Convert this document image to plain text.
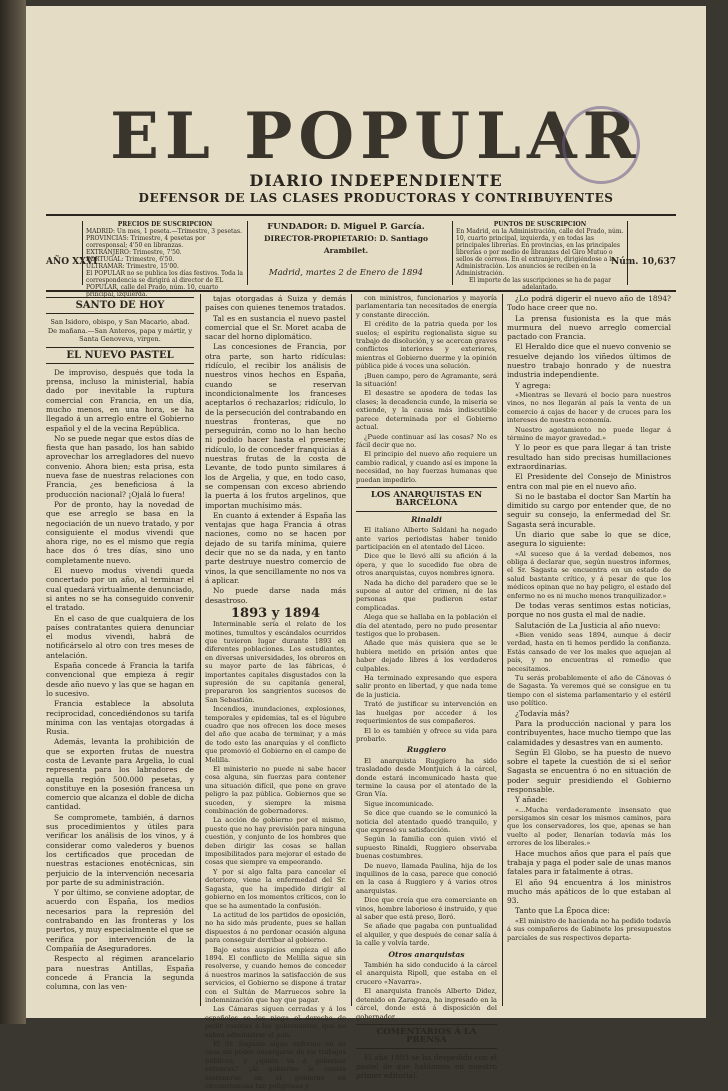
EL POPULAR
DIARIO INDEPENDIENTE
DEFENSOR DE LAS CLASES PRODUCTORAS Y CONTRIBUYENTES
AÑO XXVI
PRECIOS DE SUSCRIPCION
MADRID: Un mes, 1 peseta.—Trimestre, 3 pesetas.
PROVINCIAS: Trimestre, 4 pesetas por corresponsal; 4'50 en libranzas.
EXTRANJERO: Trimestre, 7'50.
PORTUGAL: Trimestre, 6'50.
ULTRAMAR: Trimestre, 15'00.
El POPULAR no se publica los días festivos. Toda la correspondencia se dirigirá al director de EL POPULAR, calle del Prado, núm. 10, cuarto principal, izquierda.
FUNDADOR: D. Miguel P. García.
DIRECTOR-PROPIETARIO: D. Santiago Arambilet.
Madrid, martes 2 de Enero de 1894
PUNTOS DE SUSCRIPCION
En Madrid, en la Administración, calle del Prado, núm. 10, cuarto principal, izquierda, y en todas las principales librerías. En provincias, en las principales librerías o por medio de libranzas del Giro Mutuo o sellos de correos. En el extranjero, dirigiéndose a la Administración. Los anuncios se reciben en la Administración.
El importe de las suscripciones se ha de pagar adelantado.
Núm. 10,637
SANTO DE HOY
San Isidoro, obispo, y San Macario, abad. De mañana.—San Anteros, papa y mártir, y Santa Genoveva, virgen.
EL NUEVO PASTEL

De improviso, después que toda la prensa, incluso la ministerial, había dado por inevitable la ruptura comercial con Francia, en un día, mucho menos, en una hora, se ha llegado á un arreglo entre el Gobierno español y el de la vecina República.

No se puede negar que estos días de fiesta que han pasado, los han sabido aprovechar los arregladores del nuevo convenio. Ahora bien; esta prisa, esta nueva fase de nuestras relaciones con Francia, ¿es beneficiosa á la producción nacional? ¡Ojalá lo fuera!

Por de pronto, hay la novedad de que ese arreglo se basa en la negociación de un nuevo tratado, y por consiguiente el modus vivendi que ahora rige, no es el mismo que regía hace dos ó tres días, sino uno completamente nuevo.

El nuevo modus vivendi queda concertado por un año, al terminar el cual quedará virtualmente denunciado, si antes no se ha conseguido convenir el tratado.

En el caso de que cualquiera de los países contratantes quiera denunciar el modus vivendi, habrá de notificárselo al otro con tres meses de antelación.

España concede á Francia la tarifa convencional que empieza á regir desde año nuevo y las que se hagan en lo sucesivo.

Francia establece la absoluta reciprocidad, concediéndonos su tarifa mínima con las ventajas otorgadas á Rusia.

Además, levanta la prohibición de que se exporten frutas de nuestra costa de Levante para Argelia, lo cual representa para los labradores de aquella región 500.000 pesetas, y constituye en la posesión francesa un comercio que alcanza el doble de dicha cantidad.

Se compromete, también, á darnos sus procedimientos y útiles para verificar los análisis de los vinos, y á considerar como valederos y buenos los certificados que procedan de nuestras estaciones enotécnicas, sin perjuicio de la intervención necesaria por parte de su administración.

Y por último, se conviene adoptar, de acuerdo con España, los medios necesarios para la represión del contrabando en las fronteras y los puertos, y muy especialmente el que se verifica por intervención de la Compañía de Aseguradores.

Respecto al régimen arancelario para nuestras Antillas, España concede á Francia la segunda columna, con las ven-

tajas otorgadas á Suiza y demás países con quienes tenemos tratados.

Tal es en sustancia el nuevo pastel comercial que el Sr. Moret acaba de sacar del horno diplomático.

Las concesiones de Francia, por otra parte, son harto ridículas: ridículo, el recibir los análisis de nuestros vinos hechos en España, cuando se reservan incondicionalmente los franceses aceptarlos ó rechazarlos; ridículo, lo de la persecución del contrabando en nuestras fronteras, que no perseguirán, como no lo han hecho ni podido hacer hasta el presente; ridículo, lo de conceder franquicias á nuestras frutas de la costa de Levante, de todo punto similares á los de Argelia, y que, en todo caso, se compensan con exceso abriendo la puerta á los frutos argelinos, que importan muchísimo más.

En cuanto á extender á España las ventajas que haga Francia á otras naciones, como no se hacen por dejado de su tarifa mínima, quiere decir que no se da nada, y en tanto parte destruye nuestro comercio de vinos, la que sencillamente no nos va á aplicar.

No puede darse nada más desastroso.

1893 y 1894

Interminable sería el relato de los motines, tumultos y escándalos ocurridos que tuvieron lugar durante 1893 en diferentes poblaciones. Los estudiantes, en diversas universidades, los obreros en su mayor parte de las fábricas, é importantes capitales disgustados con la supresión de su capitanía general, prepararon los sangrientos sucesos de San Sebastián.

Incendios, inundaciones, explosiones, temporales y epidemias, tal es el lúgubre cuadro que nos ofrecen los doce meses del año que acaba de terminar, y a más de todo esto las anarquías y el conflicto que promovió el Gobierno en el campo de Melilla.

El ministerio no puede ni sabe hacer cosa alguna, sin fuerzas para contener una situación difícil, que pone en grave peligro la paz pública. Gobiernos que se suceden, y siempre la misma combinación de gobernadores.

La acción de gobierno por el mismo, puesto que no hay previsión para ninguna cuestión, y conjunto de los hombres que deben dirigir las cosas se hallan imposibilitados para mejorar el estado de cosas que siempre va empeorando.

Y por si algo falta para cancelar el deterioro, viene la enfermedad del Sr. Sagasta, que ha impedido dirigir al gobierno en los momentos críticos, con lo que se ha aumentado la confusión.

La actitud de los partidos de oposición, no ha sido más prudente, pues se hallan dispuestos á no perdonar ocasión alguna para conseguir derribar al gobierno.

Bajo estos auspicios empieza el año 1894. El conflicto de Melilla sigue sin resolverse, y cuando hemos de conceder á nuestros marinos la satisfacción de sus servicios, el Gobierno se dispone á tratar con el Sultán de Marruecos sobre la indemnización que hay que pagar.

Las Cámaras siguen cerradas y á los españoles se les niega el derecho de pedir cuentas á los gobernantes, que no saben administrar el país.

El Sr. Sagasta sigue enfermo en su casa sin poder encargarse de los trabajos públicos, y ¿quién va á gobernar entonces? ¡Al gobierno le cuesta sostenerse en el gobierno en circunstancias tan peligrosas y

con ministros, funcionarios y mayoría parlamentaria tan necesitados de energía y constante dirección.

El crédito de la patria queda por los suelos; el espíritu regionalista sigue su trabajo de disolución, y se acercan graves conflictos interiores y exteriores, mientras el Gobierno duerme y la opinión pública pide á voces una solución.

¡Buen campo, pero de Agramante, será la situación!

El desastre se apodera de todas las clases; la decadencia cunde, la miseria se extiende, y la causa más indiscutible parece determinada por el Gobierno actual.

¿Puede continuar así las cosas? No es fácil decir que no.

El principio del nuevo año requiere un cambio radical, y cuando así es impone la necesidad, no hay fuerzas humanas que puedan impedirlo.

LOS ANARQUISTAS EN BARCELONA
Rinaldi

El italiano Alberto Saldani ha negado ante varios periodistas haber tenido participación en el atentado del Liceo.

Dice que le llevó allí su afición á la ópera, y que lo sucedido fue obra de otros anarquistas, cuyos nombres ignora.

Nada ha dicho del paradero que se le supone al autor del crimen, ni de las personas que pudieron estar complicadas.

Alega que se hallaba en la población el día del atentado, pero no pudo presentar testigos que lo probasen.

Añade que más quisiera que se le hubiera metido en prisión antes que haber dejado libres á los verdaderos culpables.

Ha terminado expresando que espera salir pronto en libertad, y que nada teme de la justicia.

Trató de justificar su intervención en las huelgas por acceder á los requerimientos de sus compañeros.

El lo es también y ofrece su vida para probarlo.

Ruggiero

El anarquista Ruggiero ha sido trasladado desde Montjuich á la cárcel, donde estará incomunicado hasta que termine la causa por el atentado de la Gran Vía.

Sigue incomunicado.

Se dice que cuando se le comunicó la noticia del atentado quedó tranquilo, y que expresó su satisfacción.

Según la familia con quien vivió el supuesto Rinaldi, Ruggiero observaba buenas costumbres.

De nuevo, llamada Paulina, hija de los inquilinos de la casa, parece que conoció en la casa á Ruggiero y á varios otros anarquistas.

Dice que creía que era comerciante en vinos, hombre laborioso é instruido, y que al saber que está preso, lloró.

Se añade que pagaba con puntualidad el alquiler, y que después de cenar salía á la calle y volvía tarde.

Otros anarquistas

También ha sido conducido á la cárcel el anarquista Ripoll, que estaba en el crucero «Navarra».

El anarquista francés Alberto Didez, detenido en Zaragoza, ha ingresado en la cárcel, donde está á disposición del gobernador.

COMENTARIOS Á LA PRENSA

El año 1893 se ha despedido con el pastel de que hablamos en nuestro primer editorial.

¿Lo podrá digerir el nuevo año de 1894? Todo hace creer que no.

La prensa fusionista es la que más murmura del nuevo arreglo comercial pactado con Francia.

El Heraldo dice que el nuevo convenio se resuelve dejando los viñedos últimos de nuestro trabajo honrado y de nuestra industria independiente.

Y agrega:

«Mientras se llevará el bocio para nuestros vinos, no nos llegarán al país la venta de un comercio á cajas de hacer y de cruces para los intereses de nuestra economía.

Nuestro agotamiento no puede llegar á término de mayor gravedad.»

Y lo peor es que para llegar á tan triste resultado han sido precisas humillaciones extraordinarias.

El Presidente del Consejo de Ministros entra con mal pie en el nuevo año.

Si no le bastaba el doctor San Martín ha dimitido su cargo por entender que, de no seguir su consejo, la enfermedad del Sr. Sagasta será incurable.

Un diario que sabe lo que se dice, asegura lo siguiente:

«Al suceso que á la verdad debemos, nos obliga á declarar que, según nuestros informes, el Sr. Sagasta se encuentra en un estado de salud bastante crítico, y á pesar de que los médicos opinan que no hay peligro, el estado del enfermo no es ni mucho menos tranquilizador.»

De todas veras sentimos estas noticias, porque no nos gusta el mal de nadie.

Salutación de La Justicia al año nuevo:

«Bien venido seas 1894, aunque á decir verdad, hasta en ti hemos perdido la confianza. Estás cansado de ver los males que aquejan al país, y no encuentras el remedio que necesitamos.

Tu serás probablemente el año de Cánovas ó de Sagasta. Ya veremos qué se consigue en tu tiempo con el sistema parlamentario y el estéril uso político.

¿Todavía más?

Para la producción nacional y para los contribuyentes, hace mucho tiempo que las calamidades y desastres van en aumento.

Según El Globo, se ha puesto de nuevo sobre el tapete la cuestión de si el señor Sagasta se encuentra ó no en situación de poder seguir presidiendo el Gobierno responsable.

Y añade:

«...Mucha verdaderamente insensato que persigamos sin cesar los mismos caminos, para que los conservadores, los que, apenas se han vuelto al poder, llenarían todavía más los errores de los liberales.»

Hace muchos años que para el país que trabaja y paga el poder sale de unas manos fatales para ir fatalmente á otras.

El año 94 encuentra á los ministros mucho más apáticos de lo que estaban al 93.

Tanto que La Época dice:

«El ministro de hacienda no ha pedido todavía á sus compañeros de Gabinete los presupuestos parciales de sus respectivos departa-
